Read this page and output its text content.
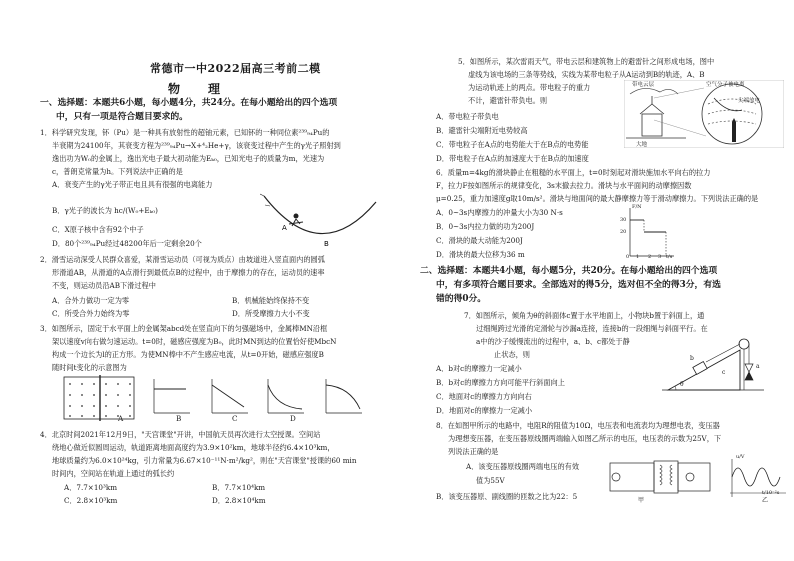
常德市一中2022届高三考前二模
物理
一、选择题：本题共6小题，每小题4分，共24分。在每小题给出的四个选项
中，只有一项是符合题目要求的。
1．科学研究发现，钚（Pu）是一种具有放射性的超铀元素，已知钚的一种同位素²³⁹₉₄Pu的
半衰期为24100年，其衰变方程为²³⁹₉₄Pu→X+⁴₂He+γ，该衰变过程中产生的γ光子照射到
逸出功为W₀的金属上，逸出光电子最大初动能为Eₖ₀，已知光电子的质量为m，光速为
c，普朗克常量为h。下列说法中正确的是
A．衰变产生的γ光子带正电且具有很强的电离能力
B．γ光子的波长为 hc/(W₀+Eₖ₀)
C．X原子核中含有92个中子
D．80个²³⁹₉₄Pu经过48200年后一定剩余20个
A
B
2．滑雪运动深受人民群众喜爱，某滑雪运动员（可视为质点）由坡道进入竖直面内的圆弧
形滑道AB，从滑道的A点滑行到最低点B的过程中，由于摩擦力的存在，运动员的速率
不变，则运动员沿AB下滑过程中
A．合外力做功一定为零	B．机械能始终保持不变
C．所受合外力始终为零	D．所受摩擦力大小不变
3．如图所示，固定于水平面上的金属架abcd处在竖直向下的匀强磁场中，金属棒MN沿框
架以速度v向右做匀速运动。t=0时，磁感应强度为B₀，此时MN到达的位置恰好使MbcN
构成一个边长为l的正方形。为使MN棒中不产生感应电流，从t=0开始，磁感应强度B
随时间t变化的示意图为
A	B	C	D
4．北京时间2021年12月9日，"天宫课堂"开讲，中国航天员再次进行太空授课。空间站
绕地心做近似圆周运动，轨道距离地面高度约为3.9×10²km，地球半径约6.4×10³km，
地球质量约为6.0×10²⁴kg，引力常量为6.67×10⁻¹¹N·m²/kg²，则在"天宫课堂"授课的60 min
时间内，空间站在轨道上通过的弧长约
A．7.7×10³km	B．7.7×10⁴km
C．2.8×10³km	D．2.8×10⁴km
5．如图所示，某次雷雨天气，带电云层和建筑物上的避雷针之间形成电场，图中
虚线为该电场的三条等势线，实线为某带电粒子从A运动到B的轨迹，A、B
为运动轨迹上的两点。带电粒子的重力
不计，避雷针带负电。则
带电云层	空气分子被电离
尖端放电
大地
A．带电粒子带负电
B．避雷针尖端附近电势较高
C．带电粒子在A点的电势能大于在B点的电势能
D．带电粒子在A点的加速度大于在B点的加速度
6．质量m=4kg的滑块静止在粗糙的水平面上，t=0时刻起对滑块施加水平向右的拉力
F，拉力F按如图所示的规律变化，3s末撤去拉力。滑块与水平面间的动摩擦因数
μ=0.25，重力加速度g取10m/s²。滑块与地面间的最大静摩擦力等于滑动摩擦力。下列说法正确的是
A．0~3s内摩擦力的冲量大小为30 N·s
B．0~3s内拉力做的功为200J
C．滑块的最大动能为200J
D．滑块的最大位移为36 m
F/N
t/s
30
20
0 1 2 3
二、选择题：本题共4小题，每小题5分，共20分。在每小题给出的四个选项
中，有多项符合题目要求。全部选对的得5分，选对但不全的得3分，有选
错的得0分。
7．如图所示，倾角为θ的斜面体c置于水平地面上，小物块b置于斜面上，通
过细绳跨过光滑的定滑轮与沙漏a连接，连接b的一段细绳与斜面平行。在
a中的沙子缓慢流出的过程中，a、b、c都处于静
止状态，则
θ
b
c
a
A．b对c的摩擦力一定减小
B．b对c的摩擦力方向可能平行斜面向上
C．地面对c的摩擦力方向向右
D．地面对c的摩擦力一定减小
8．在如图甲所示的电路中，电阻R的阻值为10Ω，电压表和电流表均为理想电表，变压器
为理想变压器，在变压器原线圈两端输入如图乙所示的电压，电压表的示数为25V，下
列说法正确的是
甲	乙
u/V
t/10⁻²s
A．该变压器原线圈两端电压的有效
值为55V
B．该变压器原、副线圈的匝数之比为22：5
